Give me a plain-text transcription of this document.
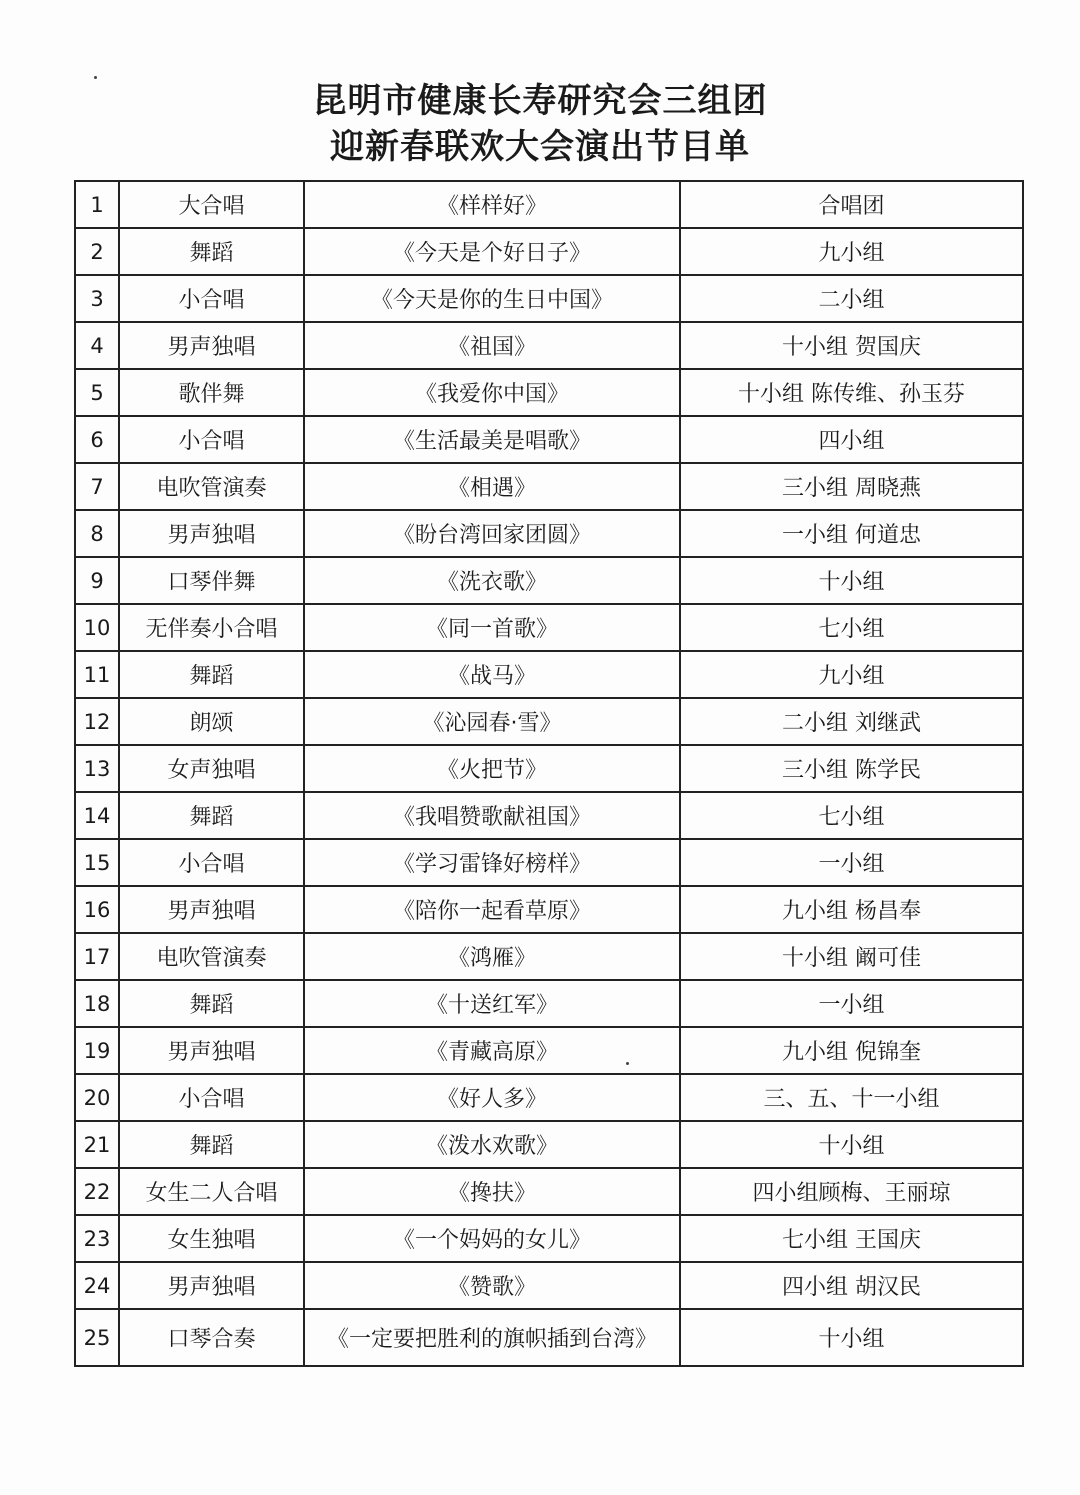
昆明市健康长寿研究会三组团
迎新春联欢大会演出节目单
1	大合唱	《样样好》	合唱团
2	舞蹈	《今天是个好日子》	九小组
3	小合唱	《今天是你的生日中国》	二小组
4	男声独唱	《祖国》	十小组 贺国庆
5	歌伴舞	《我爱你中国》	十小组 陈传维、孙玉芬
6	小合唱	《生活最美是唱歌》	四小组
7	电吹管演奏	《相遇》	三小组 周晓燕
8	男声独唱	《盼台湾回家团圆》	一小组 何道忠
9	口琴伴舞	《洗衣歌》	十小组
10	无伴奏小合唱	《同一首歌》	七小组
11	舞蹈	《战马》	九小组
12	朗颂	《沁园春·雪》	二小组 刘继武
13	女声独唱	《火把节》	三小组 陈学民
14	舞蹈	《我唱赞歌献祖国》	七小组
15	小合唱	《学习雷锋好榜样》	一小组
16	男声独唱	《陪你一起看草原》	九小组 杨昌奉
17	电吹管演奏	《鸿雁》	十小组 阚可佳
18	舞蹈	《十送红军》	一小组
19	男声独唱	《青藏高原》	九小组 倪锦奎
20	小合唱	《好人多》	三、五、十一小组
21	舞蹈	《泼水欢歌》	十小组
22	女生二人合唱	《搀扶》	四小组顾梅、王丽琼
23	女生独唱	《一个妈妈的女儿》	七小组 王国庆
24	男声独唱	《赞歌》	四小组 胡汉民
25	口琴合奏	《一定要把胜利的旗帜插到台湾》	十小组
